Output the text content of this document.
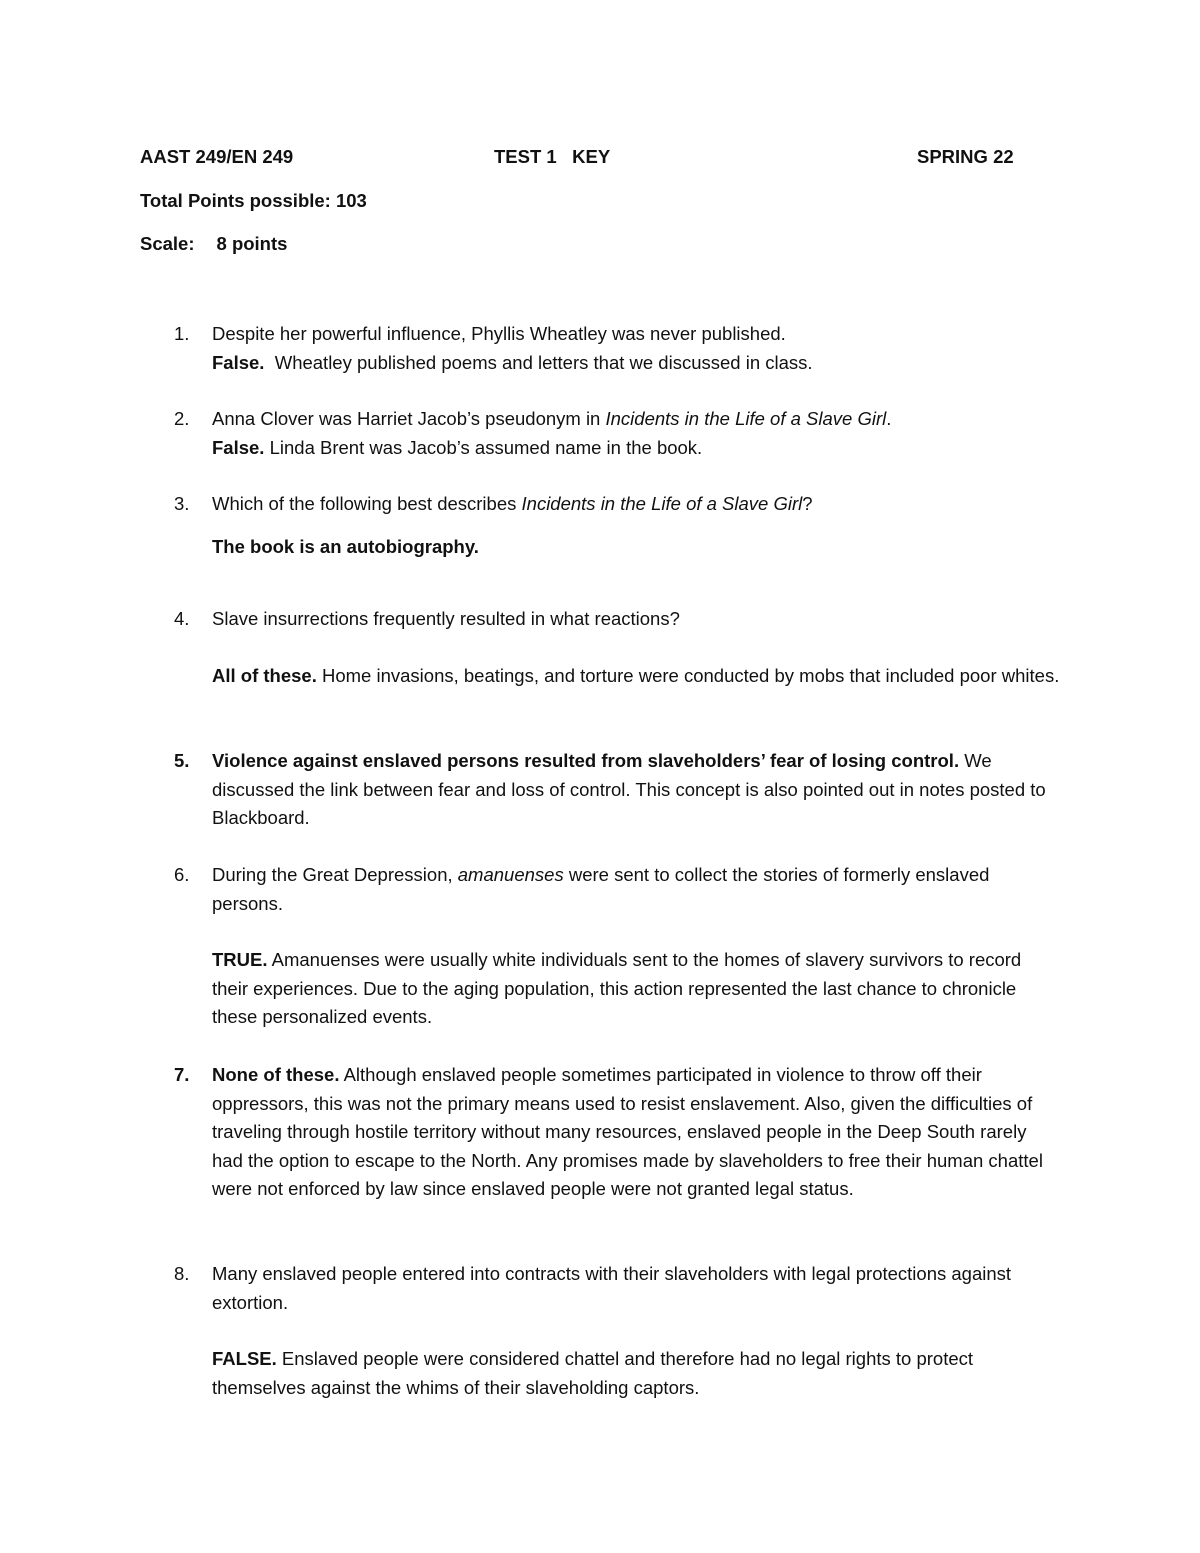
AAST 249/EN 249	TEST 1   KEY	SPRING 22
Total Points possible: 103
Scale: 8 points
1.	Despite her powerful influence, Phyllis Wheatley was never published.

False.  Wheatley published poems and letters that we discussed in class.

2.	Anna Clover was Harriet Jacob’s pseudonym in Incidents in the Life of a Slave Girl.

False. Linda Brent was Jacob’s assumed name in the book.

3.	Which of the following best describes Incidents in the Life of a Slave Girl?

The book is an autobiography.

4.	Slave insurrections frequently resulted in what reactions?

All of these. Home invasions, beatings, and torture were conducted by mobs that included poor whites.

5.	Violence against enslaved persons resulted from slaveholders’ fear of losing control. We discussed the link between fear and loss of control. This concept is also pointed out in notes posted to Blackboard.

6.	During the Great Depression, amanuenses were sent to collect the stories of formerly enslaved persons.

TRUE. Amanuenses were usually white individuals sent to the homes of slavery survivors to record their experiences. Due to the aging population, this action represented the last chance to chronicle these personalized events.

7.	None of these. Although enslaved people sometimes participated in violence to throw off their oppressors, this was not the primary means used to resist enslavement. Also, given the difficulties of traveling through hostile territory without many resources, enslaved people in the Deep South rarely had the option to escape to the North. Any promises made by slaveholders to free their human chattel were not enforced by law since enslaved people were not granted legal status.

8.	Many enslaved people entered into contracts with their slaveholders with legal protections against extortion.

FALSE. Enslaved people were considered chattel and therefore had no legal rights to protect themselves against the whims of their slaveholding captors.
